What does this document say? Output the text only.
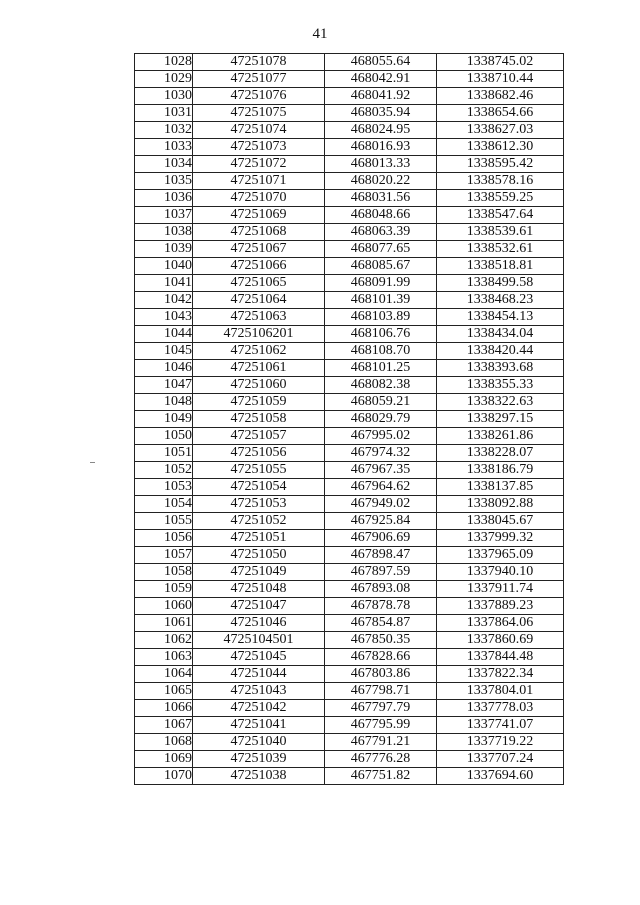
41
1028	47251078	468055.64	1338745.02
1029	47251077	468042.91	1338710.44
1030	47251076	468041.92	1338682.46
1031	47251075	468035.94	1338654.66
1032	47251074	468024.95	1338627.03
1033	47251073	468016.93	1338612.30
1034	47251072	468013.33	1338595.42
1035	47251071	468020.22	1338578.16
1036	47251070	468031.56	1338559.25
1037	47251069	468048.66	1338547.64
1038	47251068	468063.39	1338539.61
1039	47251067	468077.65	1338532.61
1040	47251066	468085.67	1338518.81
1041	47251065	468091.99	1338499.58
1042	47251064	468101.39	1338468.23
1043	47251063	468103.89	1338454.13
1044	4725106201	468106.76	1338434.04
1045	47251062	468108.70	1338420.44
1046	47251061	468101.25	1338393.68
1047	47251060	468082.38	1338355.33
1048	47251059	468059.21	1338322.63
1049	47251058	468029.79	1338297.15
1050	47251057	467995.02	1338261.86
1051	47251056	467974.32	1338228.07
1052	47251055	467967.35	1338186.79
1053	47251054	467964.62	1338137.85
1054	47251053	467949.02	1338092.88
1055	47251052	467925.84	1338045.67
1056	47251051	467906.69	1337999.32
1057	47251050	467898.47	1337965.09
1058	47251049	467897.59	1337940.10
1059	47251048	467893.08	1337911.74
1060	47251047	467878.78	1337889.23
1061	47251046	467854.87	1337864.06
1062	4725104501	467850.35	1337860.69
1063	47251045	467828.66	1337844.48
1064	47251044	467803.86	1337822.34
1065	47251043	467798.71	1337804.01
1066	47251042	467797.79	1337778.03
1067	47251041	467795.99	1337741.07
1068	47251040	467791.21	1337719.22
1069	47251039	467776.28	1337707.24
1070	47251038	467751.82	1337694.60
